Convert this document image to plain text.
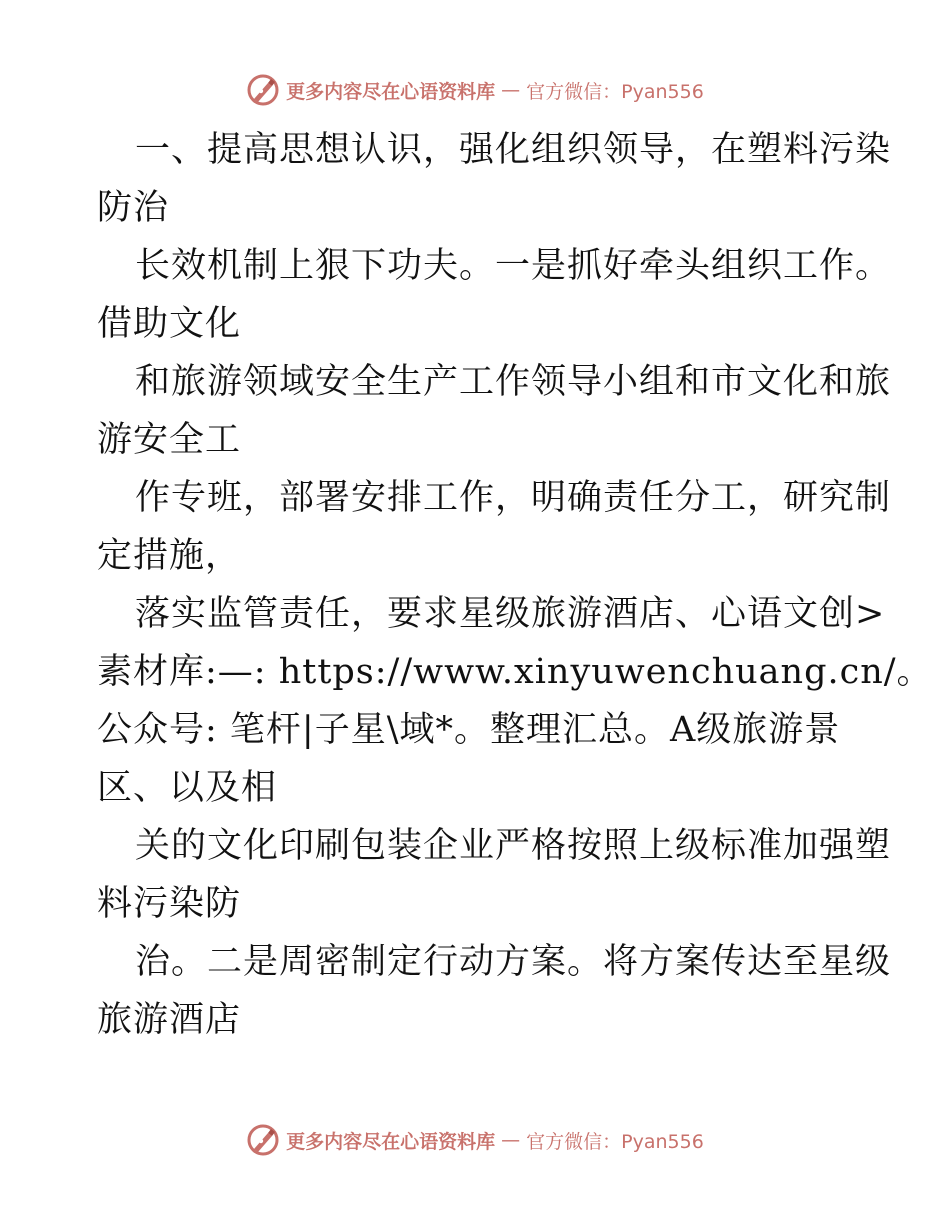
更多内容尽在心语资料库 — 官方微信：Pyan556
一、提高思想认识，强化组织领导，在塑料污染
防治
长效机制上狠下功夫。一是抓好牵头组织工作。
借助文化
和旅游领域安全生产工作领导小组和市文化和旅
游安全工
作专班，部署安排工作，明确责任分工，研究制
定措施，
落实监管责任，要求星级旅游酒店、心语文创>
素材库:—: https://www.xinyuwenchuang.cn/。
公众号: 笔杆|子星\域*。整理汇总。A级旅游景
区、以及相
关的文化印刷包装企业严格按照上级标准加强塑
料污染防
治。二是周密制定行动方案。将方案传达至星级
旅游酒店
更多内容尽在心语资料库 — 官方微信：Pyan556
